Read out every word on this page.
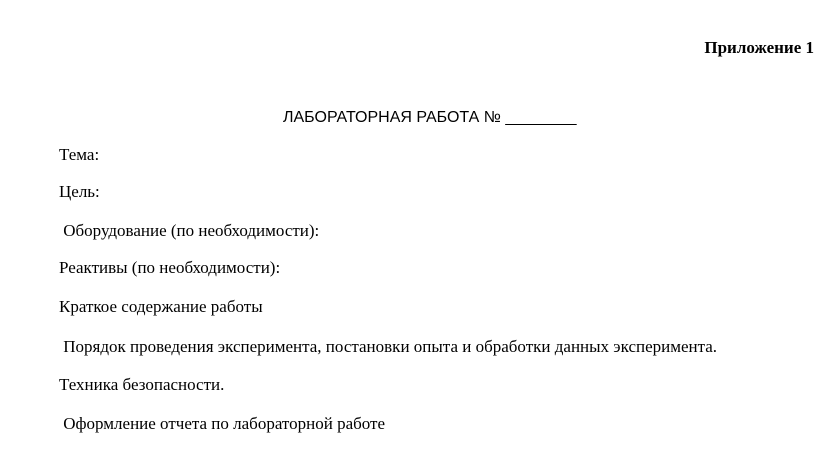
Приложение 1
ЛАБОРАТОРНАЯ РАБОТА № ________
Тема:
Цель:
Оборудование (по необходимости):
Реактивы (по необходимости):
Краткое содержание работы
Порядок проведения эксперимента, постановки опыта и обработки данных эксперимента.
Техника безопасности.
Оформление отчета по лабораторной работе
